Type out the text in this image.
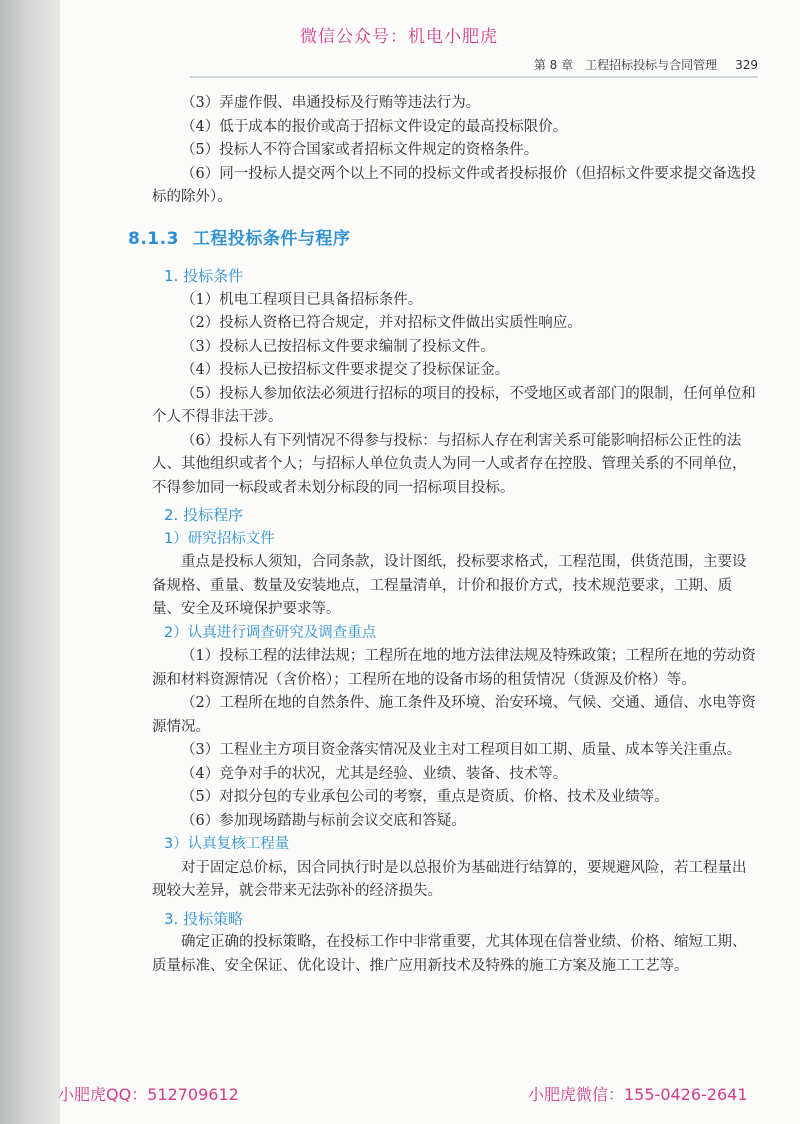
微信公众号：机电小肥虎
第 8 章　工程招标投标与合同管理 329

（3）弄虚作假、串通投标及行贿等违法行为。

（4）低于成本的报价或高于招标文件设定的最高投标限价。

（5）投标人不符合国家或者招标文件规定的资格条件。

（6）同一投标人提交两个以上不同的投标文件或者投标报价（但招标文件要求提交备选投标的除外）。

8.1.3 工程投标条件与程序

1. 投标条件

（1）机电工程项目已具备招标条件。

（2）投标人资格已符合规定，并对招标文件做出实质性响应。

（3）投标人已按招标文件要求编制了投标文件。

（4）投标人已按招标文件要求提交了投标保证金。

（5）投标人参加依法必须进行招标的项目的投标，不受地区或者部门的限制，任何单位和个人不得非法干涉。

（6）投标人有下列情况不得参与投标：与招标人存在利害关系可能影响招标公正性的法人、其他组织或者个人；与招标人单位负责人为同一人或者存在控股、管理关系的不同单位，不得参加同一标段或者未划分标段的同一招标项目投标。

2. 投标程序

1）研究招标文件

重点是投标人须知，合同条款，设计图纸，投标要求格式，工程范围，供货范围，主要设备规格、重量、数量及安装地点，工程量清单，计价和报价方式，技术规范要求，工期、质量、安全及环境保护要求等。

2）认真进行调查研究及调查重点

（1）投标工程的法律法规；工程所在地的地方法律法规及特殊政策；工程所在地的劳动资源和材料资源情况（含价格）；工程所在地的设备市场的租赁情况（货源及价格）等。

（2）工程所在地的自然条件、施工条件及环境、治安环境、气候、交通、通信、水电等资源情况。

（3）工程业主方项目资金落实情况及业主对工程项目如工期、质量、成本等关注重点。

（4）竞争对手的状况，尤其是经验、业绩、装备、技术等。

（5）对拟分包的专业承包公司的考察，重点是资质、价格、技术及业绩等。

（6）参加现场踏勘与标前会议交底和答疑。

3）认真复核工程量

对于固定总价标，因合同执行时是以总报价为基础进行结算的，要规避风险，若工程量出现较大差异，就会带来无法弥补的经济损失。

3. 投标策略

确定正确的投标策略，在投标工作中非常重要，尤其体现在信誉业绩、价格、缩短工期、质量标准、安全保证、优化设计、推广应用新技术及特殊的施工方案及施工工艺等。

小肥虎QQ：512709612	小肥虎微信：155-0426-2641
